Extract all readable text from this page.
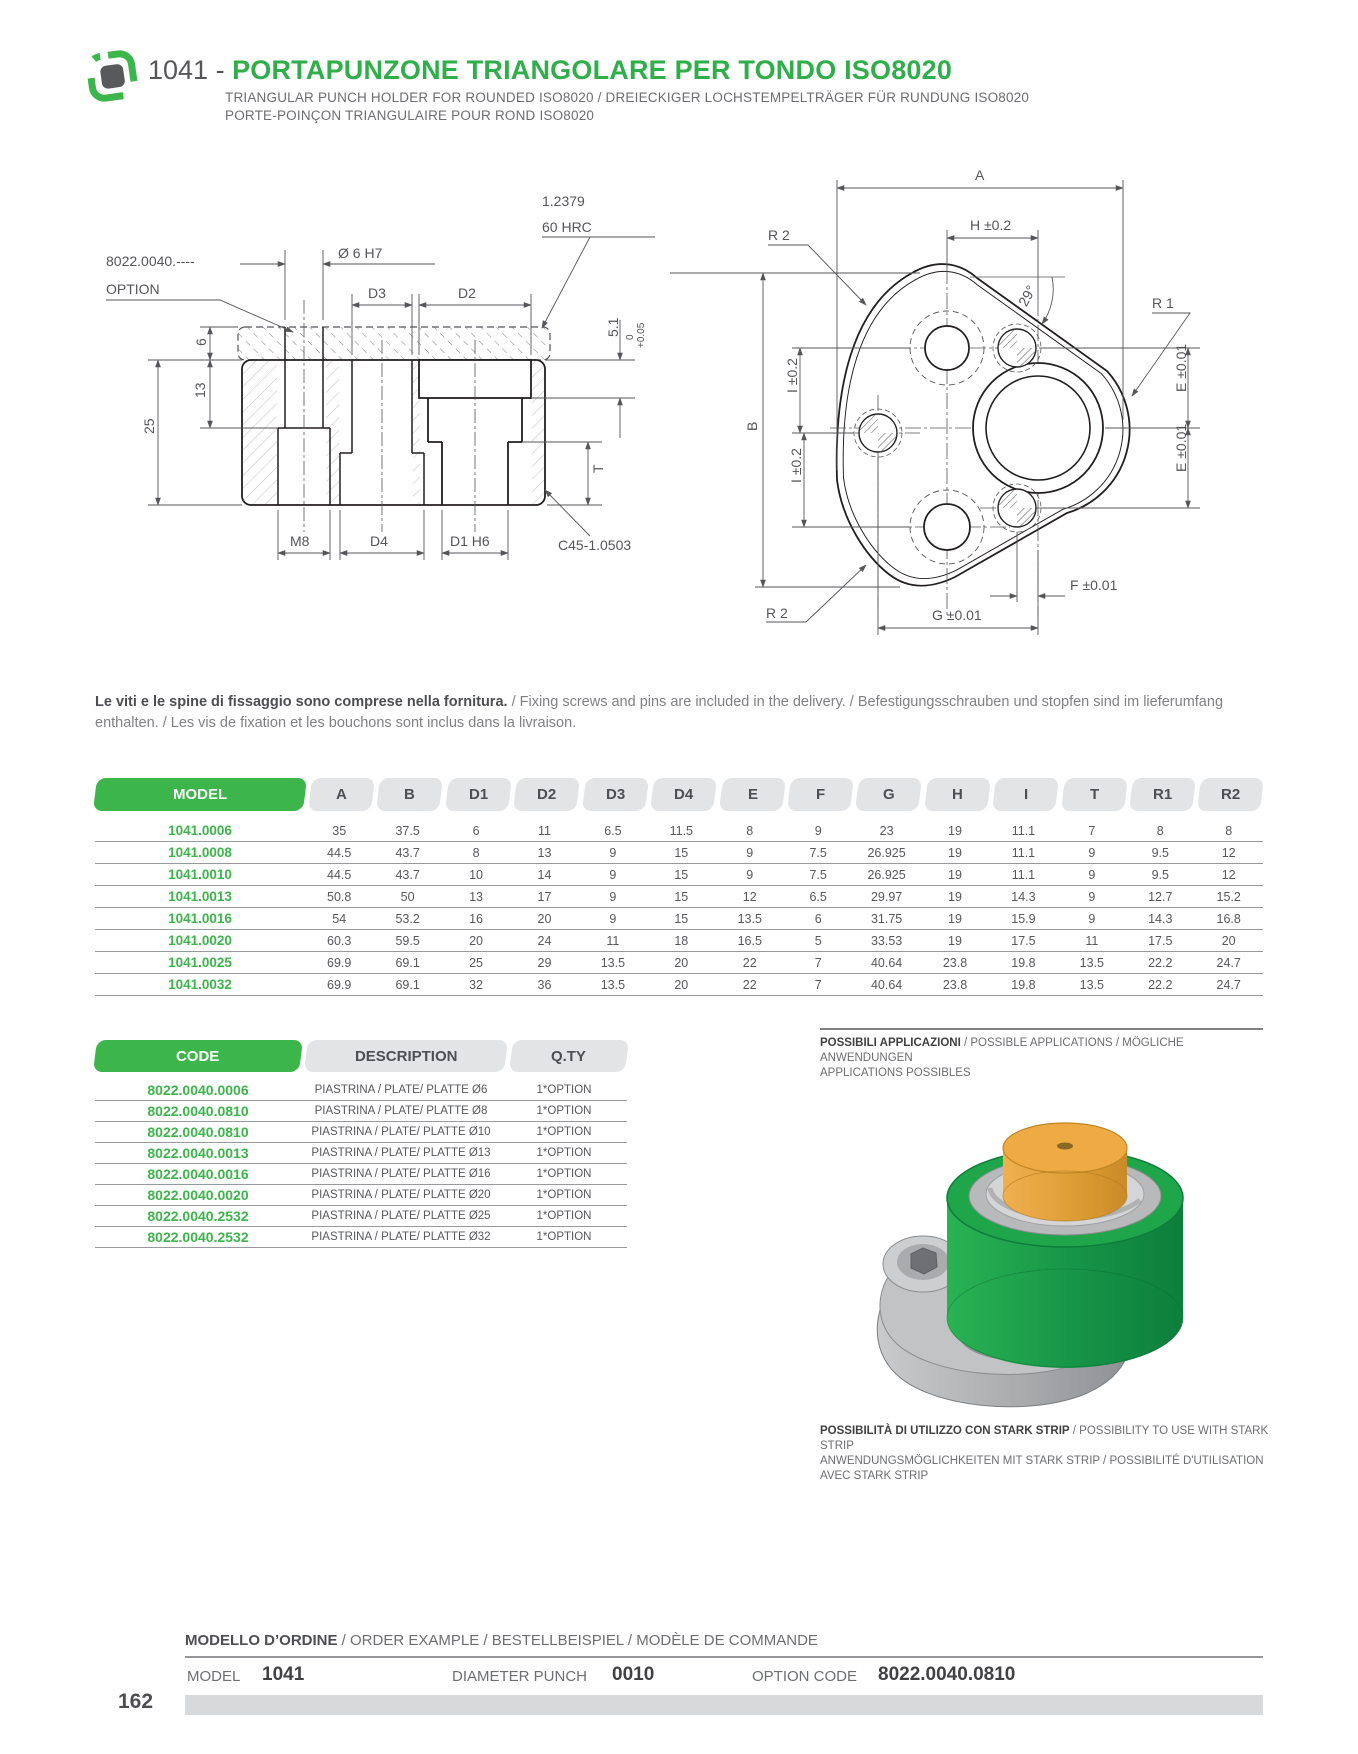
1041 - PORTAPUNZONE TRIANGOLARE PER TONDO ISO8020
TRIANGULAR PUNCH HOLDER FOR ROUNDED ISO8020 / DREIECKIGER LOCHSTEMPELTRÄGER FÜR RUNDUNG ISO8020
PORTE-POINÇON TRIANGULAIRE POUR ROND ISO8020
8022.0040.----
OPTION
Ø 6 H7
D3	D2
1.2379
60 HRC
5.1
0 +0.05
T
6
13
25
M8	D4	D1 H6	C45-1.0503
A
H ±0.2
R 2
29°	R 1
B
I ±0.2
I ±0.2
E ±0.01
E ±0.01
F ±0.01
G ±0.01
R 2
Le viti e le spine di fissaggio sono comprese nella fornitura. / Fixing screws and pins are included in the delivery. / Befestigungsschrauben und stopfen sind im lieferumfang enthalten. / Les vis de fixation et les bouchons sont inclus dans la livraison.
MODEL	A	B	D1	D2	D3	D4	E	F	G	H	I	T	R1	R2
1041.0006	35	37.5	6	11	6.5	11.5	8	9	23	19	11.1	7	8	8
1041.0008	44.5	43.7	8	13	9	15	9	7.5	26.925	19	11.1	9	9.5	12
1041.0010	44.5	43.7	10	14	9	15	9	7.5	26.925	19	11.1	9	9.5	12
1041.0013	50.8	50	13	17	9	15	12	6.5	29.97	19	14.3	9	12.7	15.2
1041.0016	54	53.2	16	20	9	15	13.5	6	31.75	19	15.9	9	14.3	16.8
1041.0020	60.3	59.5	20	24	11	18	16.5	5	33.53	19	17.5	11	17.5	20
1041.0025	69.9	69.1	25	29	13.5	20	22	7	40.64	23.8	19.8	13.5	22.2	24.7
1041.0032	69.9	69.1	32	36	13.5	20	22	7	40.64	23.8	19.8	13.5	22.2	24.7
CODE	DESCRIPTION	Q.TY
8022.0040.0006	PIASTRINA / PLATE/ PLATTE Ø6	1*OPTION
8022.0040.0810	PIASTRINA / PLATE/ PLATTE Ø8	1*OPTION
8022.0040.0810	PIASTRINA / PLATE/ PLATTE Ø10	1*OPTION
8022.0040.0013	PIASTRINA / PLATE/ PLATTE Ø13	1*OPTION
8022.0040.0016	PIASTRINA / PLATE/ PLATTE Ø16	1*OPTION
8022.0040.0020	PIASTRINA / PLATE/ PLATTE Ø20	1*OPTION
8022.0040.2532	PIASTRINA / PLATE/ PLATTE Ø25	1*OPTION
8022.0040.2532	PIASTRINA / PLATE/ PLATTE Ø32	1*OPTION
POSSIBILI APPLICAZIONI / POSSIBLE APPLICATIONS / MÖGLICHE ANWENDUNGEN
APPLICATIONS POSSIBLES
POSSIBILITÀ DI UTILIZZO CON STARK STRIP / POSSIBILITY TO USE WITH STARK STRIP
ANWENDUNGSMÖGLICHKEITEN MIT STARK STRIP / POSSIBILITÉ D'UTILISATION AVEC STARK STRIP
MODELLO D’ORDINE / ORDER EXAMPLE / BESTELLBEISPIEL / MODÈLE DE COMMANDE
MODEL 1041	DIAMETER PUNCH 0010	OPTION CODE 8022.0040.0810
162
